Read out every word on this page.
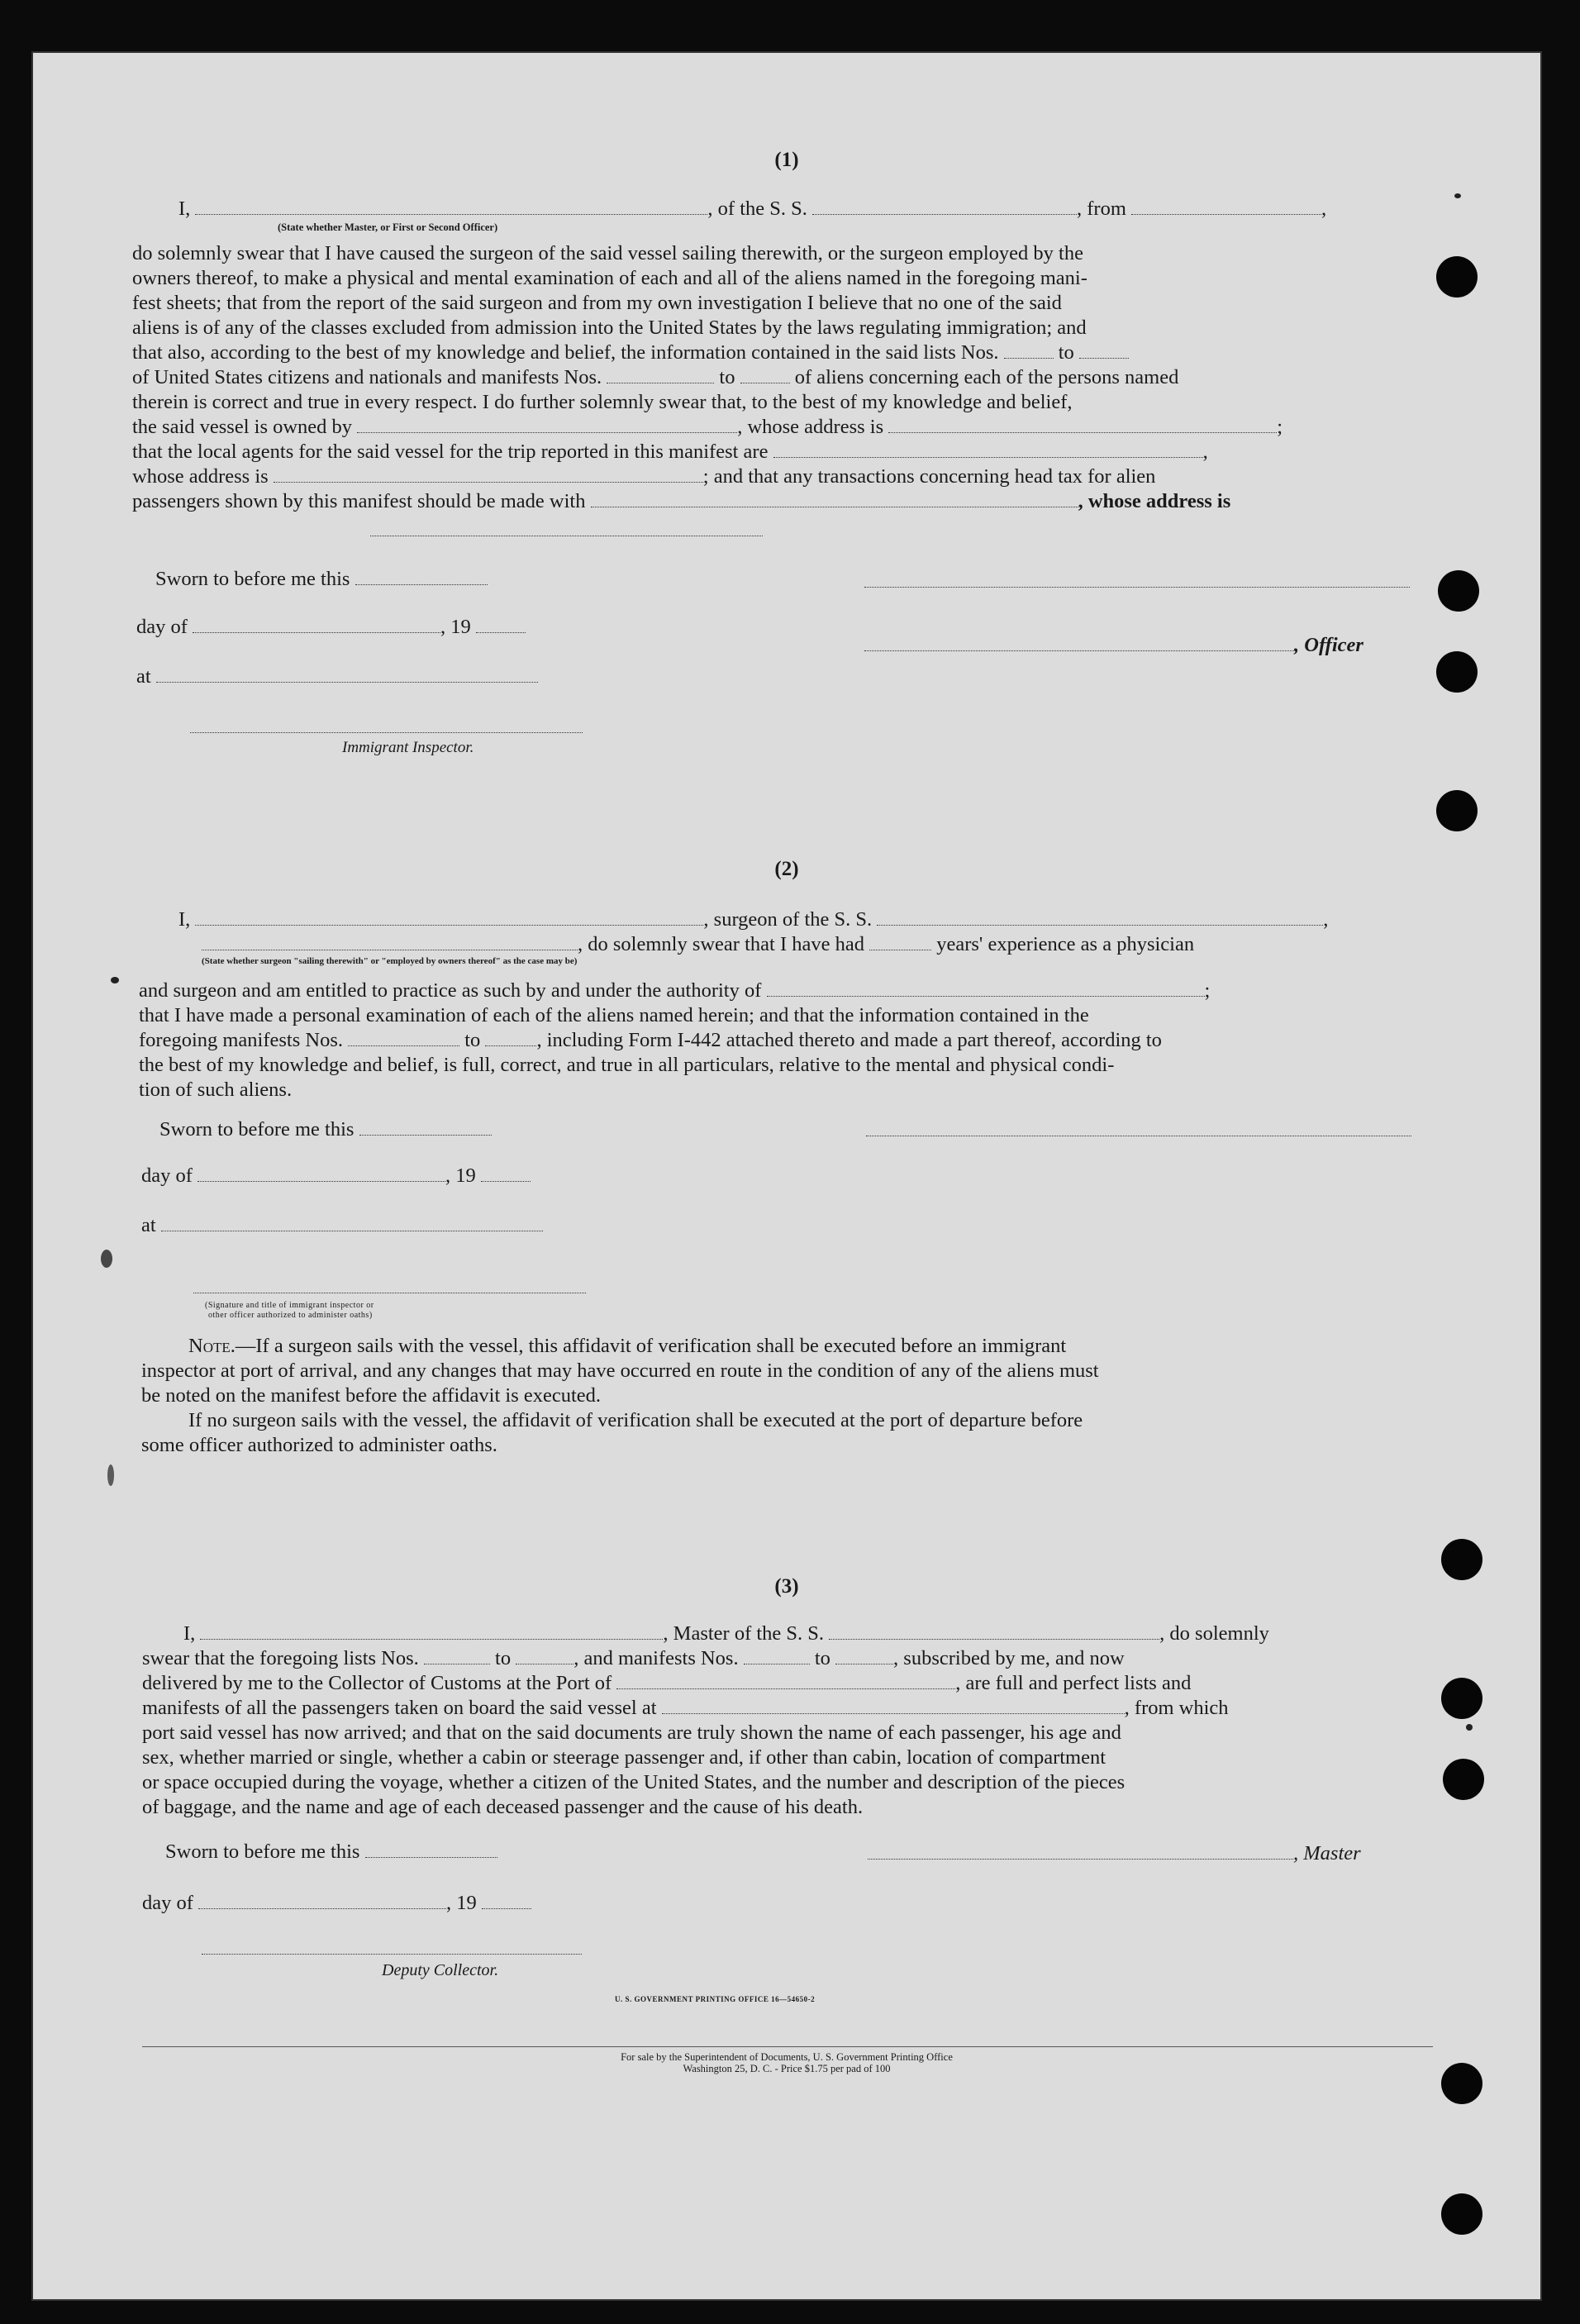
(1)
I,	, of the S. S.	, from	,
(State whether Master, or First or Second Officer)
do solemnly swear that I have caused the surgeon of the said vessel sailing therewith, or the surgeon employed by the
owners thereof, to make a physical and mental examination of each and all of the aliens named in the foregoing mani-
fest sheets; that from the report of the said surgeon and from my own investigation I believe that no one of the said
aliens is of any of the classes excluded from admission into the United States by the laws regulating immigration; and
that also, according to the best of my knowledge and belief, the information contained in the said lists Nos.	to
of United States citizens and nationals and manifests Nos.	to	of aliens concerning each of the persons named
therein is correct and true in every respect. I do further solemnly swear that, to the best of my knowledge and belief,
the said vessel is owned by	, whose address is	;
that the local agents for the said vessel for the trip reported in this manifest are	,
whose address is	; and that any transactions concerning head tax for alien
passengers shown by this manifest should be made with	, whose address is
Sworn to before me this
day of	, 19
, Officer
at
Immigrant Inspector.
(2)
I,	, surgeon of the S. S.	,
, do solemnly swear that I have had	years' experience as a physician
(State whether surgeon "sailing therewith" or "employed by owners thereof" as the case may be)
and surgeon and am entitled to practice as such by and under the authority of	;
that I have made a personal examination of each of the aliens named herein; and that the information contained in the
foregoing manifests Nos.	to	, including Form I-442 attached thereto and made a part thereof, according to
the best of my knowledge and belief, is full, correct, and true in all particulars, relative to the mental and physical condi-
tion of such aliens.
Sworn to before me this
day of	, 19
at
(Signature and title of immigrant inspector or
other officer authorized to administer oaths)
Note.—If a surgeon sails with the vessel, this affidavit of verification shall be executed before an immigrant
inspector at port of arrival, and any changes that may have occurred en route in the condition of any of the aliens must
be noted on the manifest before the affidavit is executed.
If no surgeon sails with the vessel, the affidavit of verification shall be executed at the port of departure before
some officer authorized to administer oaths.
(3)
I,	, Master of the S. S.	, do solemnly
swear that the foregoing lists Nos.	to	, and manifests Nos.	to	, subscribed by me, and now
delivered by me to the Collector of Customs at the Port of	, are full and perfect lists and
manifests of all the passengers taken on board the said vessel at	, from which
port said vessel has now arrived; and that on the said documents are truly shown the name of each passenger, his age and
sex, whether married or single, whether a cabin or steerage passenger and, if other than cabin, location of compartment
or space occupied during the voyage, whether a citizen of the United States, and the number and description of the pieces
of baggage, and the name and age of each deceased passenger and the cause of his death.
Sworn to before me this	, Master
day of	, 19
Deputy Collector.
U. S. GOVERNMENT PRINTING OFFICE 16—54650-2
For sale by the Superintendent of Documents, U. S. Government Printing Office
Washington 25, D. C. - Price $1.75 per pad of 100
